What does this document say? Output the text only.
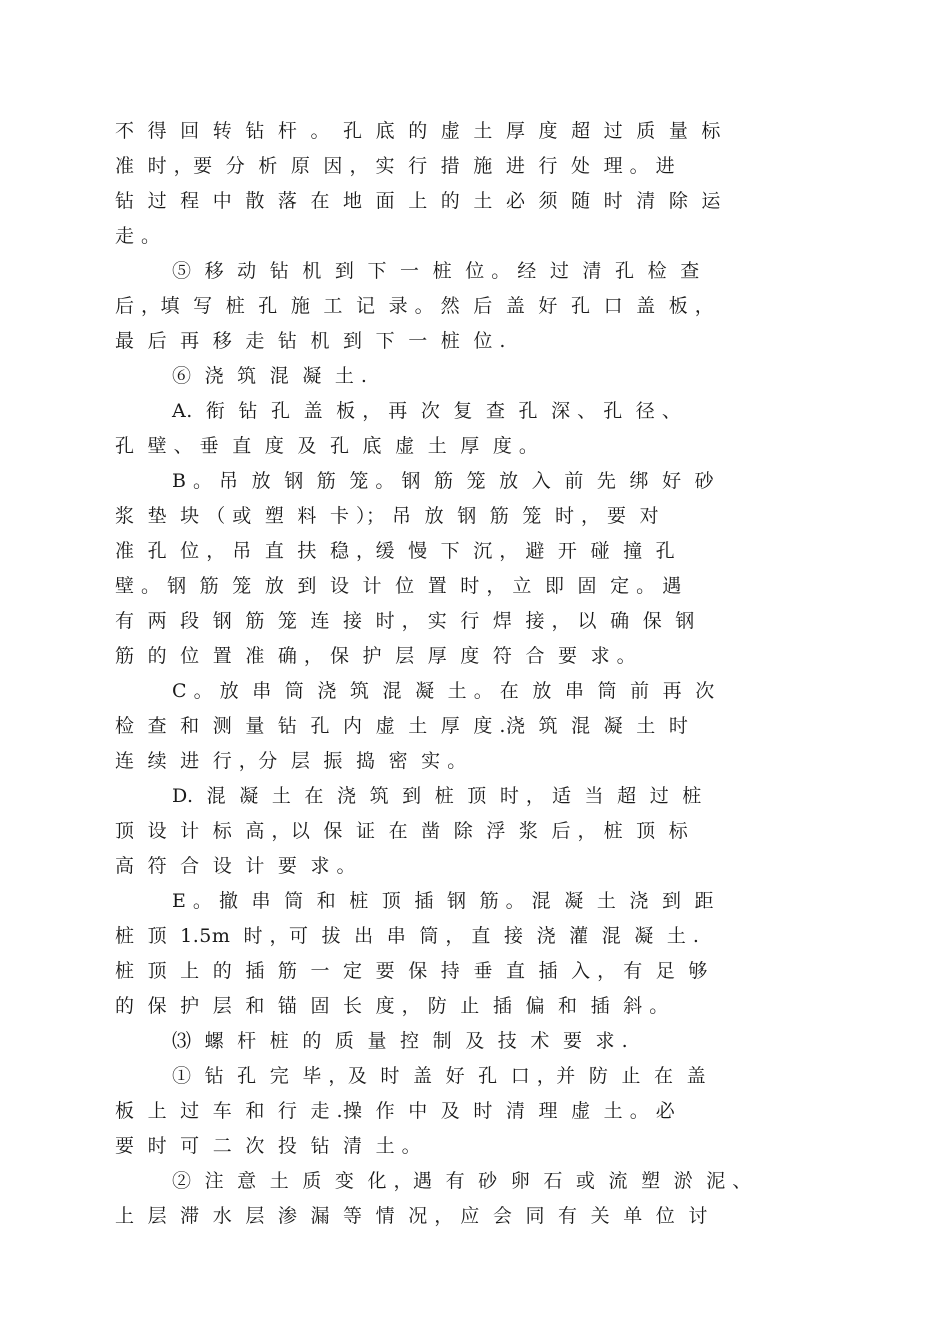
不  得  回  转  钻  杆  。  孔  底  的  虚  土  厚  度  超  过  质  量  标
准  时 ，要  分  析  原  因 ， 实  行  措  施  进  行  处  理 。 进
钻  过  程  中  散  落  在  地  面  上  的  土  必  须  随  时  清  除  运
走 。
⑤  移  动  钻  机  到  下  一  桩  位 。 经  过  清  孔  检  查
后 ，填  写  桩  孔  施  工  记  录 。 然  后  盖  好  孔  口  盖  板 ，
最  后  再  移  走  钻  机  到  下  一  桩  位 .
⑥  浇  筑  混  凝  土 .
A.  衔  钻  孔  盖  板 ， 再  次  复  查  孔  深 、 孔  径 、
孔  壁 、 垂  直  度  及  孔  底  虚  土  厚  度 。
B 。 吊  放  钢  筋  笼 。 钢  筋  笼  放  入  前  先  绑  好  砂
浆  垫  块 （ 或  塑  料  卡 ）； 吊  放  钢  筋  笼  时 ， 要  对
准  孔  位 ， 吊  直  扶  稳 ，缓  慢  下  沉 ， 避  开  碰  撞  孔
壁 。 钢  筋  笼  放  到  设  计  位  置  时 ， 立  即  固  定 。 遇
有  两  段  钢  筋  笼  连  接  时 ， 实  行  焊  接 ， 以  确  保  钢
筋  的  位  置  准  确 ， 保  护  层  厚  度  符  合  要  求 。
C 。 放  串  筒  浇  筑  混  凝  土 。 在  放  串  筒  前  再  次
检  查  和  测  量  钻  孔  内  虚  土  厚  度 .浇  筑  混  凝  土  时
连  续  进  行 ，分  层  振  捣  密  实 。
D.  混  凝  土  在  浇  筑  到  桩  顶  时 ， 适  当  超  过  桩
顶  设  计  标  高 ，以  保  证  在  凿  除  浮  浆  后 ， 桩  顶  标
高  符  合  设  计  要  求 。
E 。 撤  串  筒  和  桩  顶  插  钢  筋 。 混  凝  土  浇  到  距
桩  顶  1.5m  时 ，可  拔  出  串  筒 ， 直  接  浇  灌  混  凝  土 .
桩  顶  上  的  插  筋  一  定  要  保  持  垂  直  插  入 ， 有  足  够
的  保  护  层  和  锚  固  长  度 ， 防  止  插  偏  和  插  斜 。
⑶  螺  杆  桩  的  质  量  控  制  及  技  术  要  求 .
①  钻  孔  完  毕 ，及  时  盖  好  孔  口 ，并  防  止  在  盖
板  上  过  车  和  行  走 .操  作  中  及  时  清  理  虚  土 。 必
要  时  可  二  次  投  钻  清  土 。
②  注  意  土  质  变  化 ，遇  有  砂  卵  石  或  流  塑  淤  泥 、
上  层  滞  水  层  渗  漏  等  情  况 ， 应  会  同  有  关  单  位  讨
